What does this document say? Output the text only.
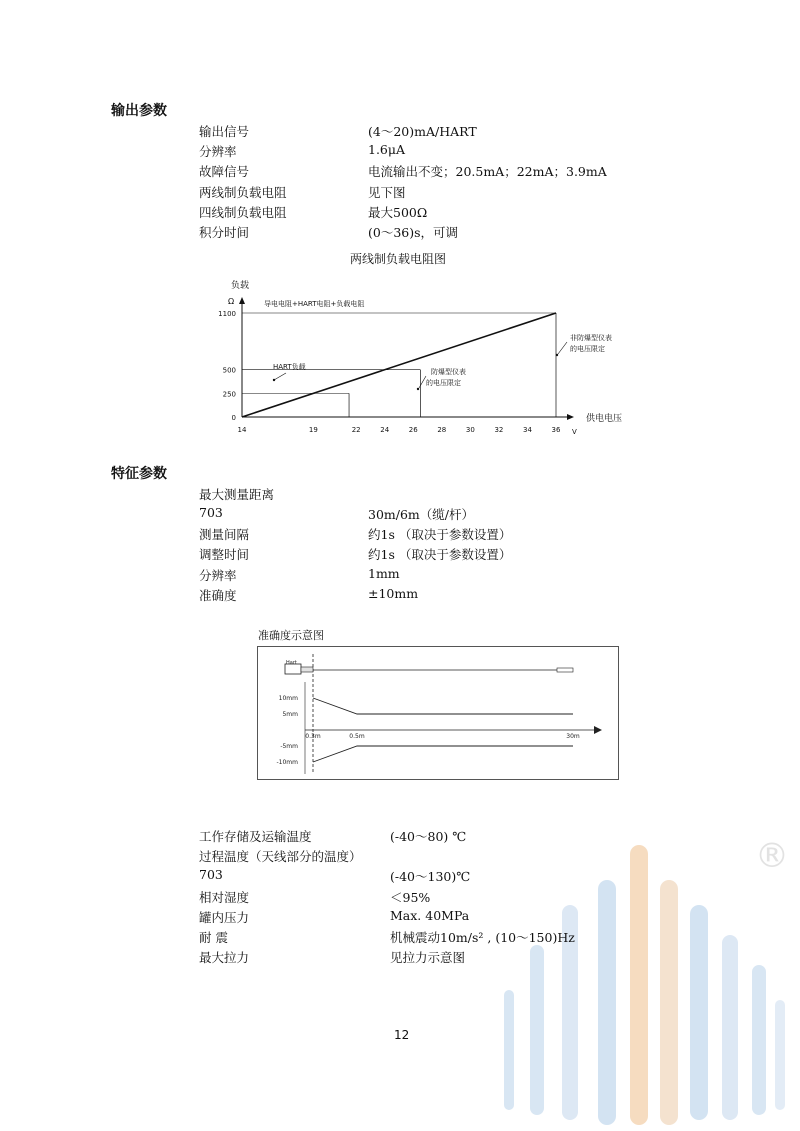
®
输出参数
输出信号	(4～20)mA/HART
分辨率	1.6μA
故障信号	电流输出不变；20.5mA；22mA；3.9mA
两线制负载电阻	见下图
四线制负载电阻	最大500Ω
积分时间	(0～36)s，可调
两线制负载电阻图
0
250
500
1100
14	19	22	24	26	28	30	32	34	36
负载
Ω
供电电压
V
导电电阻+HART电阻+负载电阻
HART负载
防爆型仪表
的电压限定
非防爆型仪表
的电压限定
特征参数
最大测量距离
703	30m/6m（缆/杆）
测量间隔	约1s （取决于参数设置）
调整时间	约1s （取决于参数设置）
分辨率	1mm
准确度	±10mm
准确度示意图
Hart
0.3m	0.5m	30m
10mm
5mm
-5mm
-10mm
工作存储及运输温度	(-40～80) ℃
过程温度（天线部分的温度）
703	(-40～130)℃
相对湿度	＜95%
罐内压力	Max. 40MPa
耐 震	机械震动10m/s² , (10～150)Hz
最大拉力	见拉力示意图
12
